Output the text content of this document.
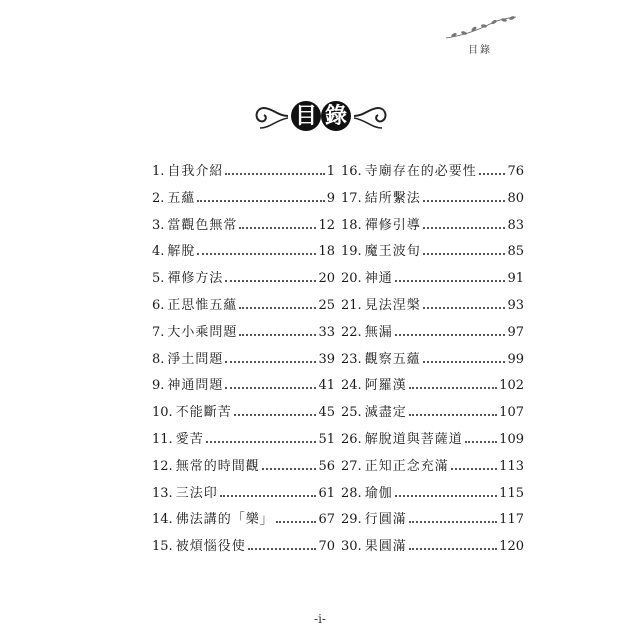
目錄
目 錄
1. 自我介紹	1
2. 五蘊	9
3. 當觀色無常	12
4. 解脫	18
5. 禪修方法	20
6. 正思惟五蘊	25
7. 大小乘問題	33
8. 淨土問題	39
9. 神通問題	41
10. 不能斷苦	45
11. 愛苦	51
12. 無常的時間觀	56
13. 三法印	61
14. 佛法講的「樂」	67
15. 被煩惱役使	70
16. 寺廟存在的必要性 76
17. 結所繫法	80
18. 禪修引導	83
19. 魔王波旬	85
20. 神通	91
21. 見法涅槃	93
22. 無漏	97
23. 觀察五蘊	99
24. 阿羅漢	102
25. 滅盡定	107
26. 解脫道與菩薩道	109
27. 正知正念充滿	113
28. 瑜伽	115
29. 行圓滿	117
30. 果圓滿	120
-i-
